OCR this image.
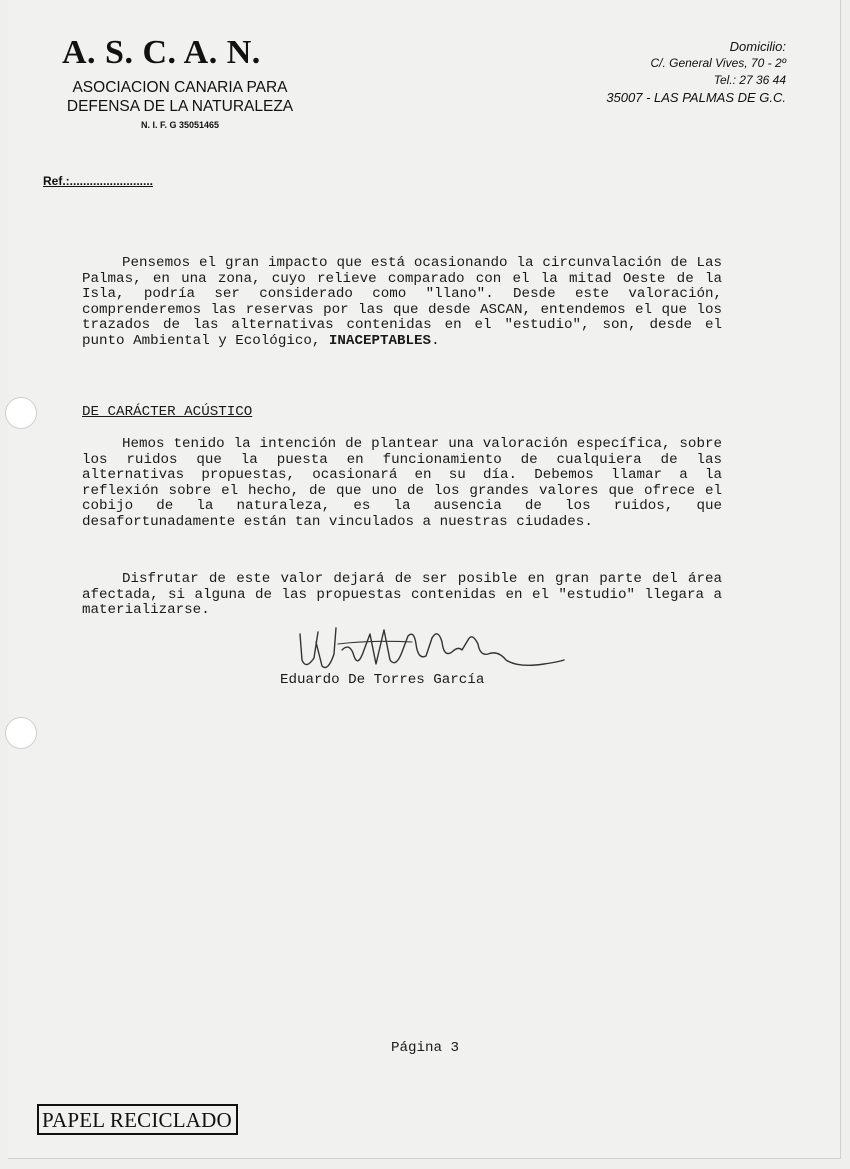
A. S. C. A. N.
ASOCIACION CANARIA PARA
DEFENSA DE LA NATURALEZA
N. I. F. G 35051465
Domicilio:
C/. General Vives, 70 - 2º
Tel.: 27 36 44
35007 - LAS PALMAS DE G.C.
Ref.:.........................

Pensemos el gran impacto que está ocasionando la circunvalación de Las Palmas, en una zona, cuyo relieve comparado con el la mitad Oeste de la Isla, podría ser considerado como "llano". Desde este valoración, comprenderemos las reservas por las que desde ASCAN, entendemos el que los trazados de las alternativas contenidas en el "estudio", son, desde el punto Ambiental y Ecológico, INACEPTABLES.

DE CARÁCTER ACÚSTICO

Hemos tenido la intención de plantear una valoración específica, sobre los ruidos que la puesta en funcionamiento de cualquiera de las alternativas propuestas, ocasionará en su día. Debemos llamar a la reflexión sobre el hecho, de que uno de los grandes valores que ofrece el cobijo de la naturaleza, es la ausencia de los ruidos, que desafortunadamente están tan vinculados a nuestras ciudades.

Disfrutar de este valor dejará de ser posible en gran parte del área afectada, si alguna de las propuestas contenidas en el "estudio" llegara a materializarse.

Eduardo De Torres García
Página 3
PAPEL RECICLADO
